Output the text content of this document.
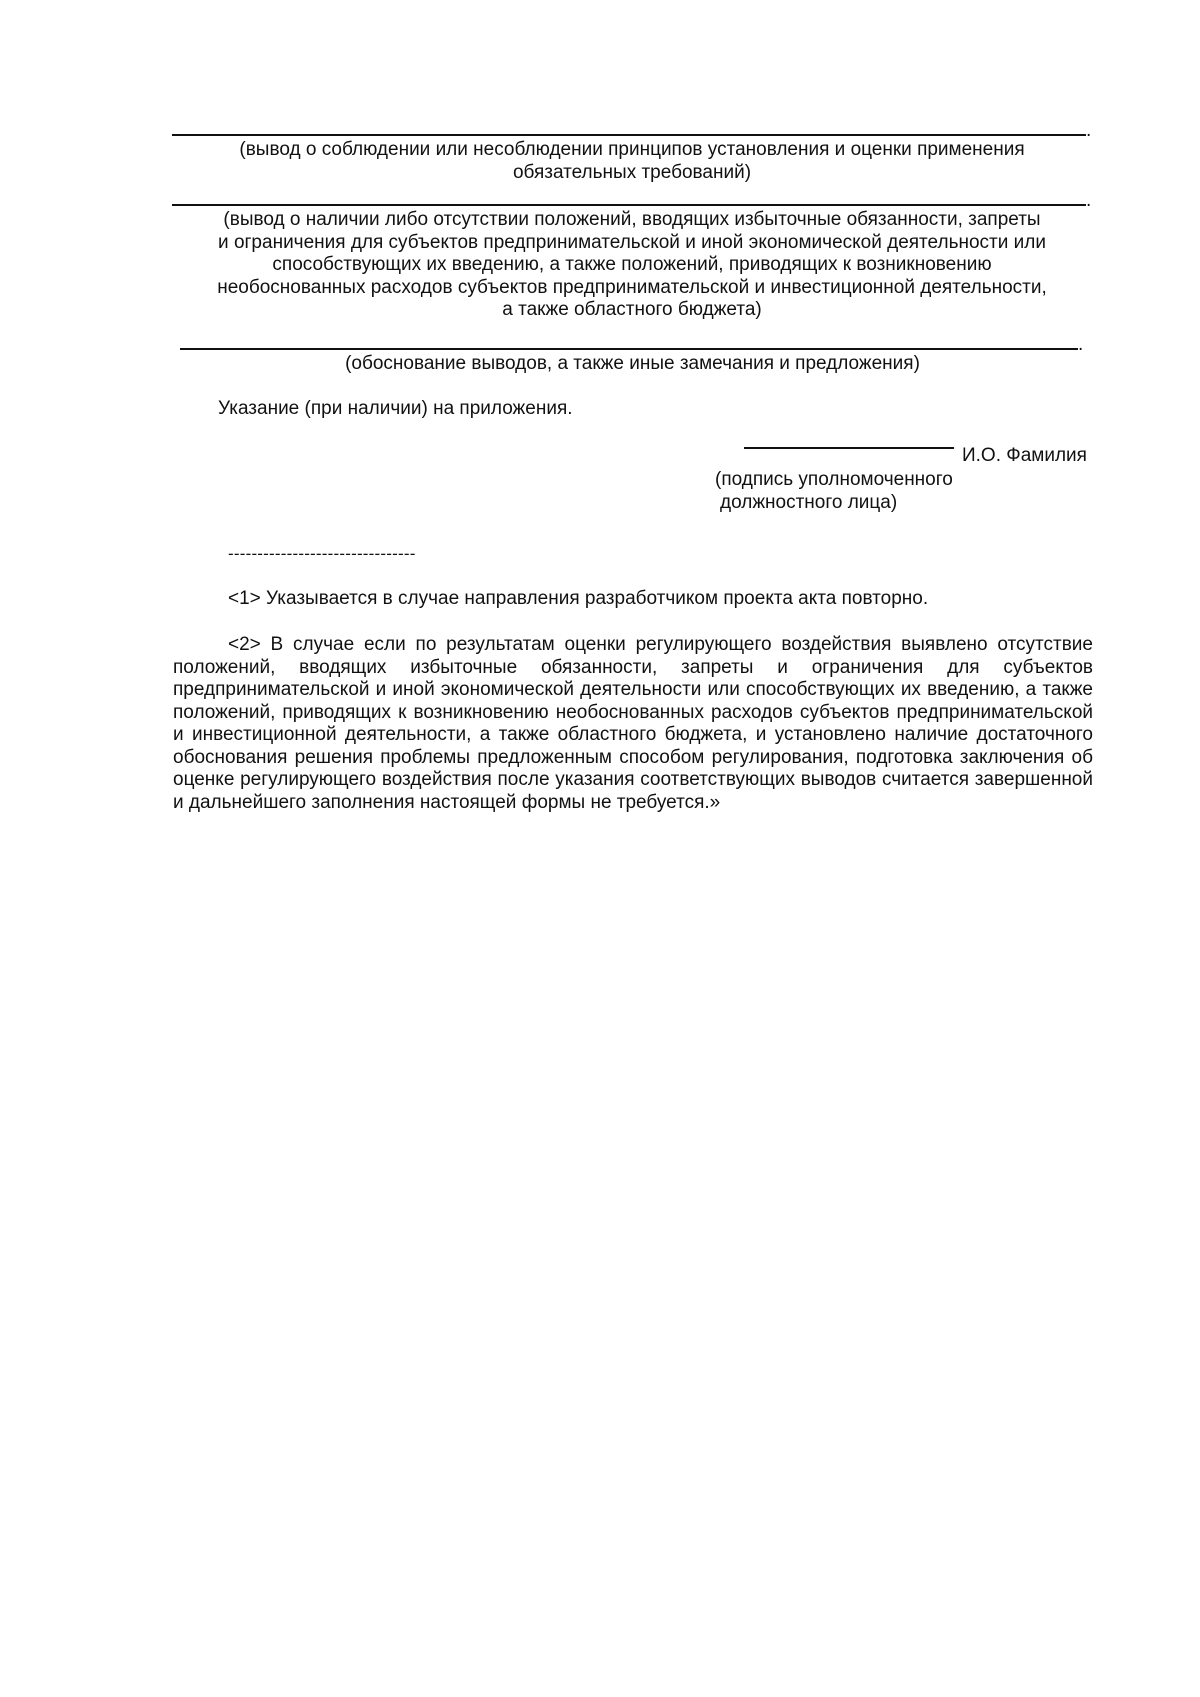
.
(вывод о соблюдении или несоблюдении принципов установления и оценки применения
обязательных требований)
.
(вывод о наличии либо отсутствии положений, вводящих избыточные обязанности, запреты
и ограничения для субъектов предпринимательской и иной экономической деятельности или
способствующих их введению, а также положений, приводящих к возникновению
необоснованных расходов субъектов предпринимательской и инвестиционной деятельности,
а также областного бюджета)
.
(обоснование выводов, а также иные замечания и предложения)
Указание (при наличии) на приложения.
И.О. Фамилия
(подпись уполномоченного
должностного лица)
--------------------------------
<1> Указывается в случае направления разработчиком проекта акта повторно.
<2> В случае если по результатам оценки регулирующего воздействия выявлено отсутствие положений, вводящих избыточные обязанности, запреты и ограничения для субъектов предпринимательской и иной экономической деятельности или способствующих их введению, а также положений, приводящих к возникновению необоснованных расходов субъектов предпринимательской и инвестиционной деятельности, а также областного бюджета, и установлено наличие достаточного обоснования решения проблемы предложенным способом регулирования, подготовка заключения об оценке регулирующего воздействия после указания соответствующих выводов считается завершенной и дальнейшего заполнения настоящей формы не требуется.»
